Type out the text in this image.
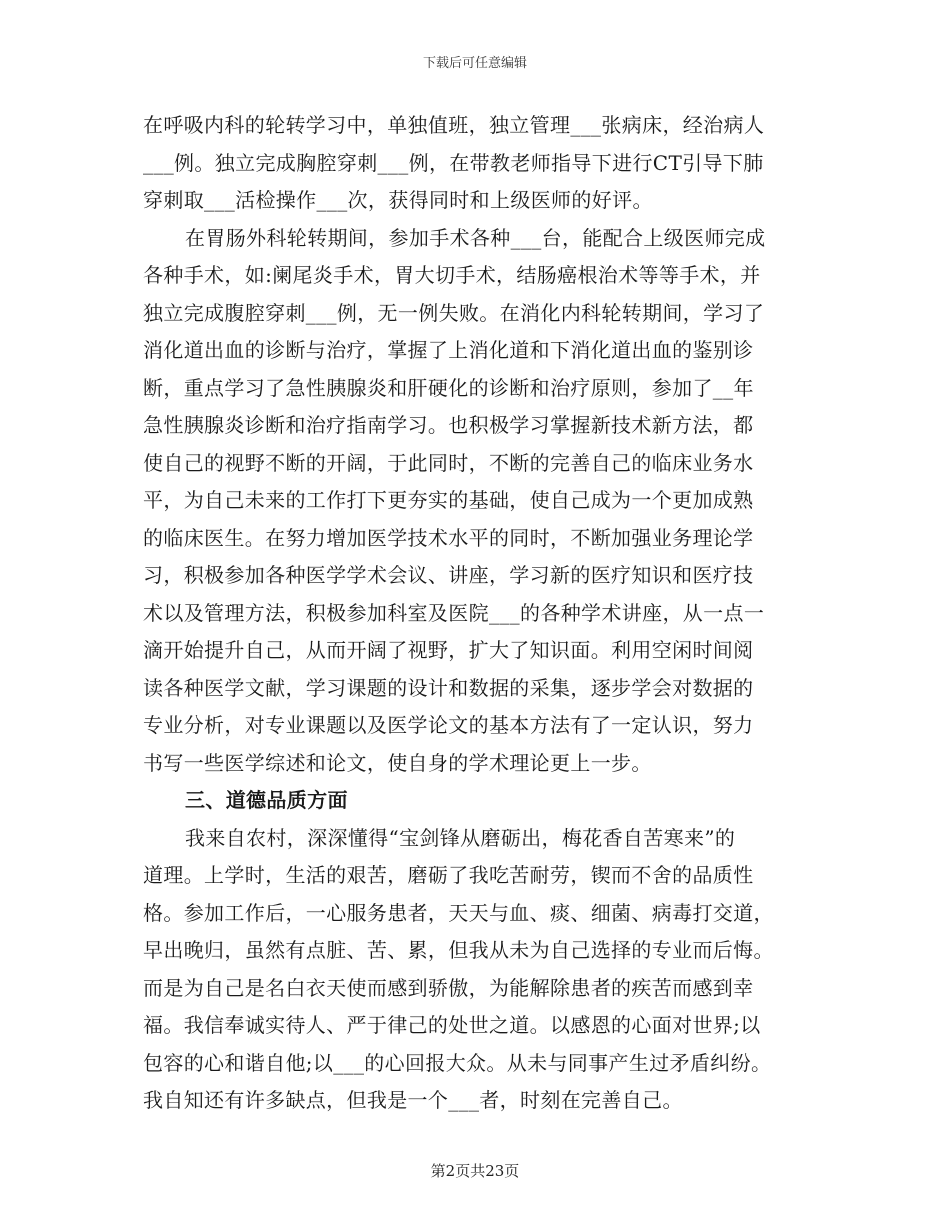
下载后可任意编辑
在呼吸内科的轮转学习中，单独值班，独立管理___张病床，经治病人
___例。独立完成胸腔穿刺___例，在带教老师指导下进行CT引导下肺
穿刺取___活检操作___次，获得同时和上级医师的好评。
在胃肠外科轮转期间，参加手术各种___台，能配合上级医师完成
各种手术，如:阑尾炎手术，胃大切手术，结肠癌根治术等等手术，并
独立完成腹腔穿刺___例，无一例失败。在消化内科轮转期间，学习了
消化道出血的诊断与治疗，掌握了上消化道和下消化道出血的鉴别诊
断，重点学习了急性胰腺炎和肝硬化的诊断和治疗原则，参加了__年
急性胰腺炎诊断和治疗指南学习。也积极学习掌握新技术新方法，都
使自己的视野不断的开阔，于此同时，不断的完善自己的临床业务水
平，为自己未来的工作打下更夯实的基础，使自己成为一个更加成熟
的临床医生。在努力增加医学技术水平的同时，不断加强业务理论学
习，积极参加各种医学学术会议、讲座，学习新的医疗知识和医疗技
术以及管理方法，积极参加科室及医院___的各种学术讲座，从一点一
滴开始提升自己，从而开阔了视野，扩大了知识面。利用空闲时间阅
读各种医学文献，学习课题的设计和数据的采集，逐步学会对数据的
专业分析，对专业课题以及医学论文的基本方法有了一定认识，努力
书写一些医学综述和论文，使自身的学术理论更上一步。
三、道德品质方面
我来自农村，深深懂得“宝剑锋从磨砺出，梅花香自苦寒来”的
道理。上学时，生活的艰苦，磨砺了我吃苦耐劳，锲而不舍的品质性
格。参加工作后，一心服务患者，天天与血、痰、细菌、病毒打交道，
早出晚归，虽然有点脏、苦、累，但我从未为自己选择的专业而后悔。
而是为自己是名白衣天使而感到骄傲，为能解除患者的疾苦而感到幸
福。我信奉诚实待人、严于律己的处世之道。以感恩的心面对世界;以
包容的心和谐自他;以___的心回报大众。从未与同事产生过矛盾纠纷。
我自知还有许多缺点，但我是一个___者，时刻在完善自己。
第2页共23页
